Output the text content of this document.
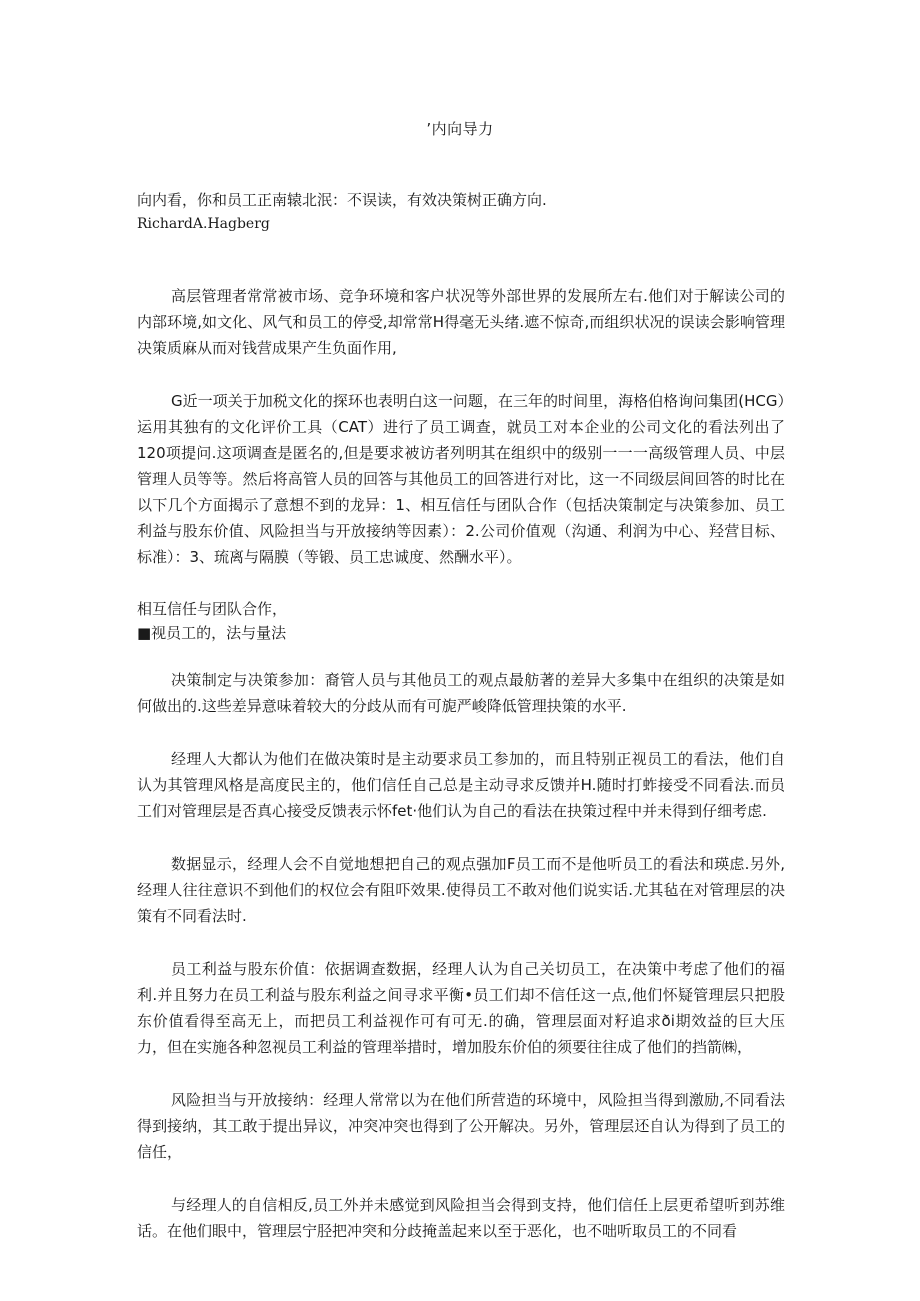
’内向导力
向内看，你和员工正南辕北泯：不误读，有效决策树正确方向.
RichardA.Hagberg

高层管理者常常被市场、竞争环境和客户状况等外部世界的发展所左右.他们对于解读公司的内部环境,如文化、风气和员工的停受,却常常H得毫无头绪.遮不惊奇,而组织状况的误读会影响管理决策质麻从而对钱营成果产生负面作用,

G近一项关于加税文化的探环也表明白这一问题，在三年的时间里，海格伯格询问集团(HCG）运用其独有的文化评价工具（CAT）进行了员工调查，就员工对本企业的公司文化的看法列出了120项提问.这项调查是匿名的,但是要求被访者列明其在组织中的级别一一一高级管理人员、中层管理人员等等。然后将高管人员的回答与其他员工的回答进行对比，这一不同级层间回答的时比在以下几个方面揭示了意想不到的龙异：1、相互信任与团队合作（包括决策制定与决策参加、员工利益与股东价值、风险担当与开放接纳等因素）：2.公司价值观（沟通、利润为中心、羟营目标、标准）：3、琉离与隔膜（等锻、员工忠诚度、然酬水平）。

相互信任与团队合作，
■视员工的，法与量法

决策制定与决策参加：裔管人员与其他员工的观点最舫著的差异大多集中在组织的决策是如何做出的.这些差异意味着较大的分歧从而有可旎严峻降低管理抉策的水平.

经理人大都认为他们在做决策时是主动要求员工参加的，而且特别正视员工的看法，他们自认为其管理风格是高度民主的，他们信任自己总是主动寻求反馈并H.随时打蚱接受不同看法.而员工们对管理层是否真心接受反馈表示怀fet·他们认为自己的看法在抉策过程中并未得到仔细考虑.

数据显示，经理人会不自觉地想把自己的观点强加F员工而不是他听员工的看法和瑛虑.另外,经理人往往意识不到他们的权位会有阻吓效果.使得员工不敢对他们说实话.尤其毡在对管理层的决策有不同看法时.

员工利益与股东价值：依据调查数据，经理人认为自己关切员工，在决策中考虑了他们的福利.并且努力在员工利益与股东利益之间寻求平衡•员工们却不信任这一点,他们怀疑管理层只把股东价值看得至高无上，而把员工利益视作可有可无.的确，管理层面对籽追求ði期效益的巨大压力，但在实施各种忽视员工利益的管理举措时，增加股东价伯的须要往往成了他们的挡箭㈱，

风险担当与开放接纳：经理人常常以为在他们所营造的环境中，风险担当得到激励,不同看法得到接纳，其工敢于提出异议，冲突冲突也得到了公开解决。另外，管理层还自认为得到了员工的信任，

与经理人的自信相反,员工外并未感觉到风险担当会得到支持，他们信任上层更希望听到苏维话。在他们眼中，管理层宁胫把冲突和分歧掩盖起来以至于恶化，也不咄听取员工的不同看
